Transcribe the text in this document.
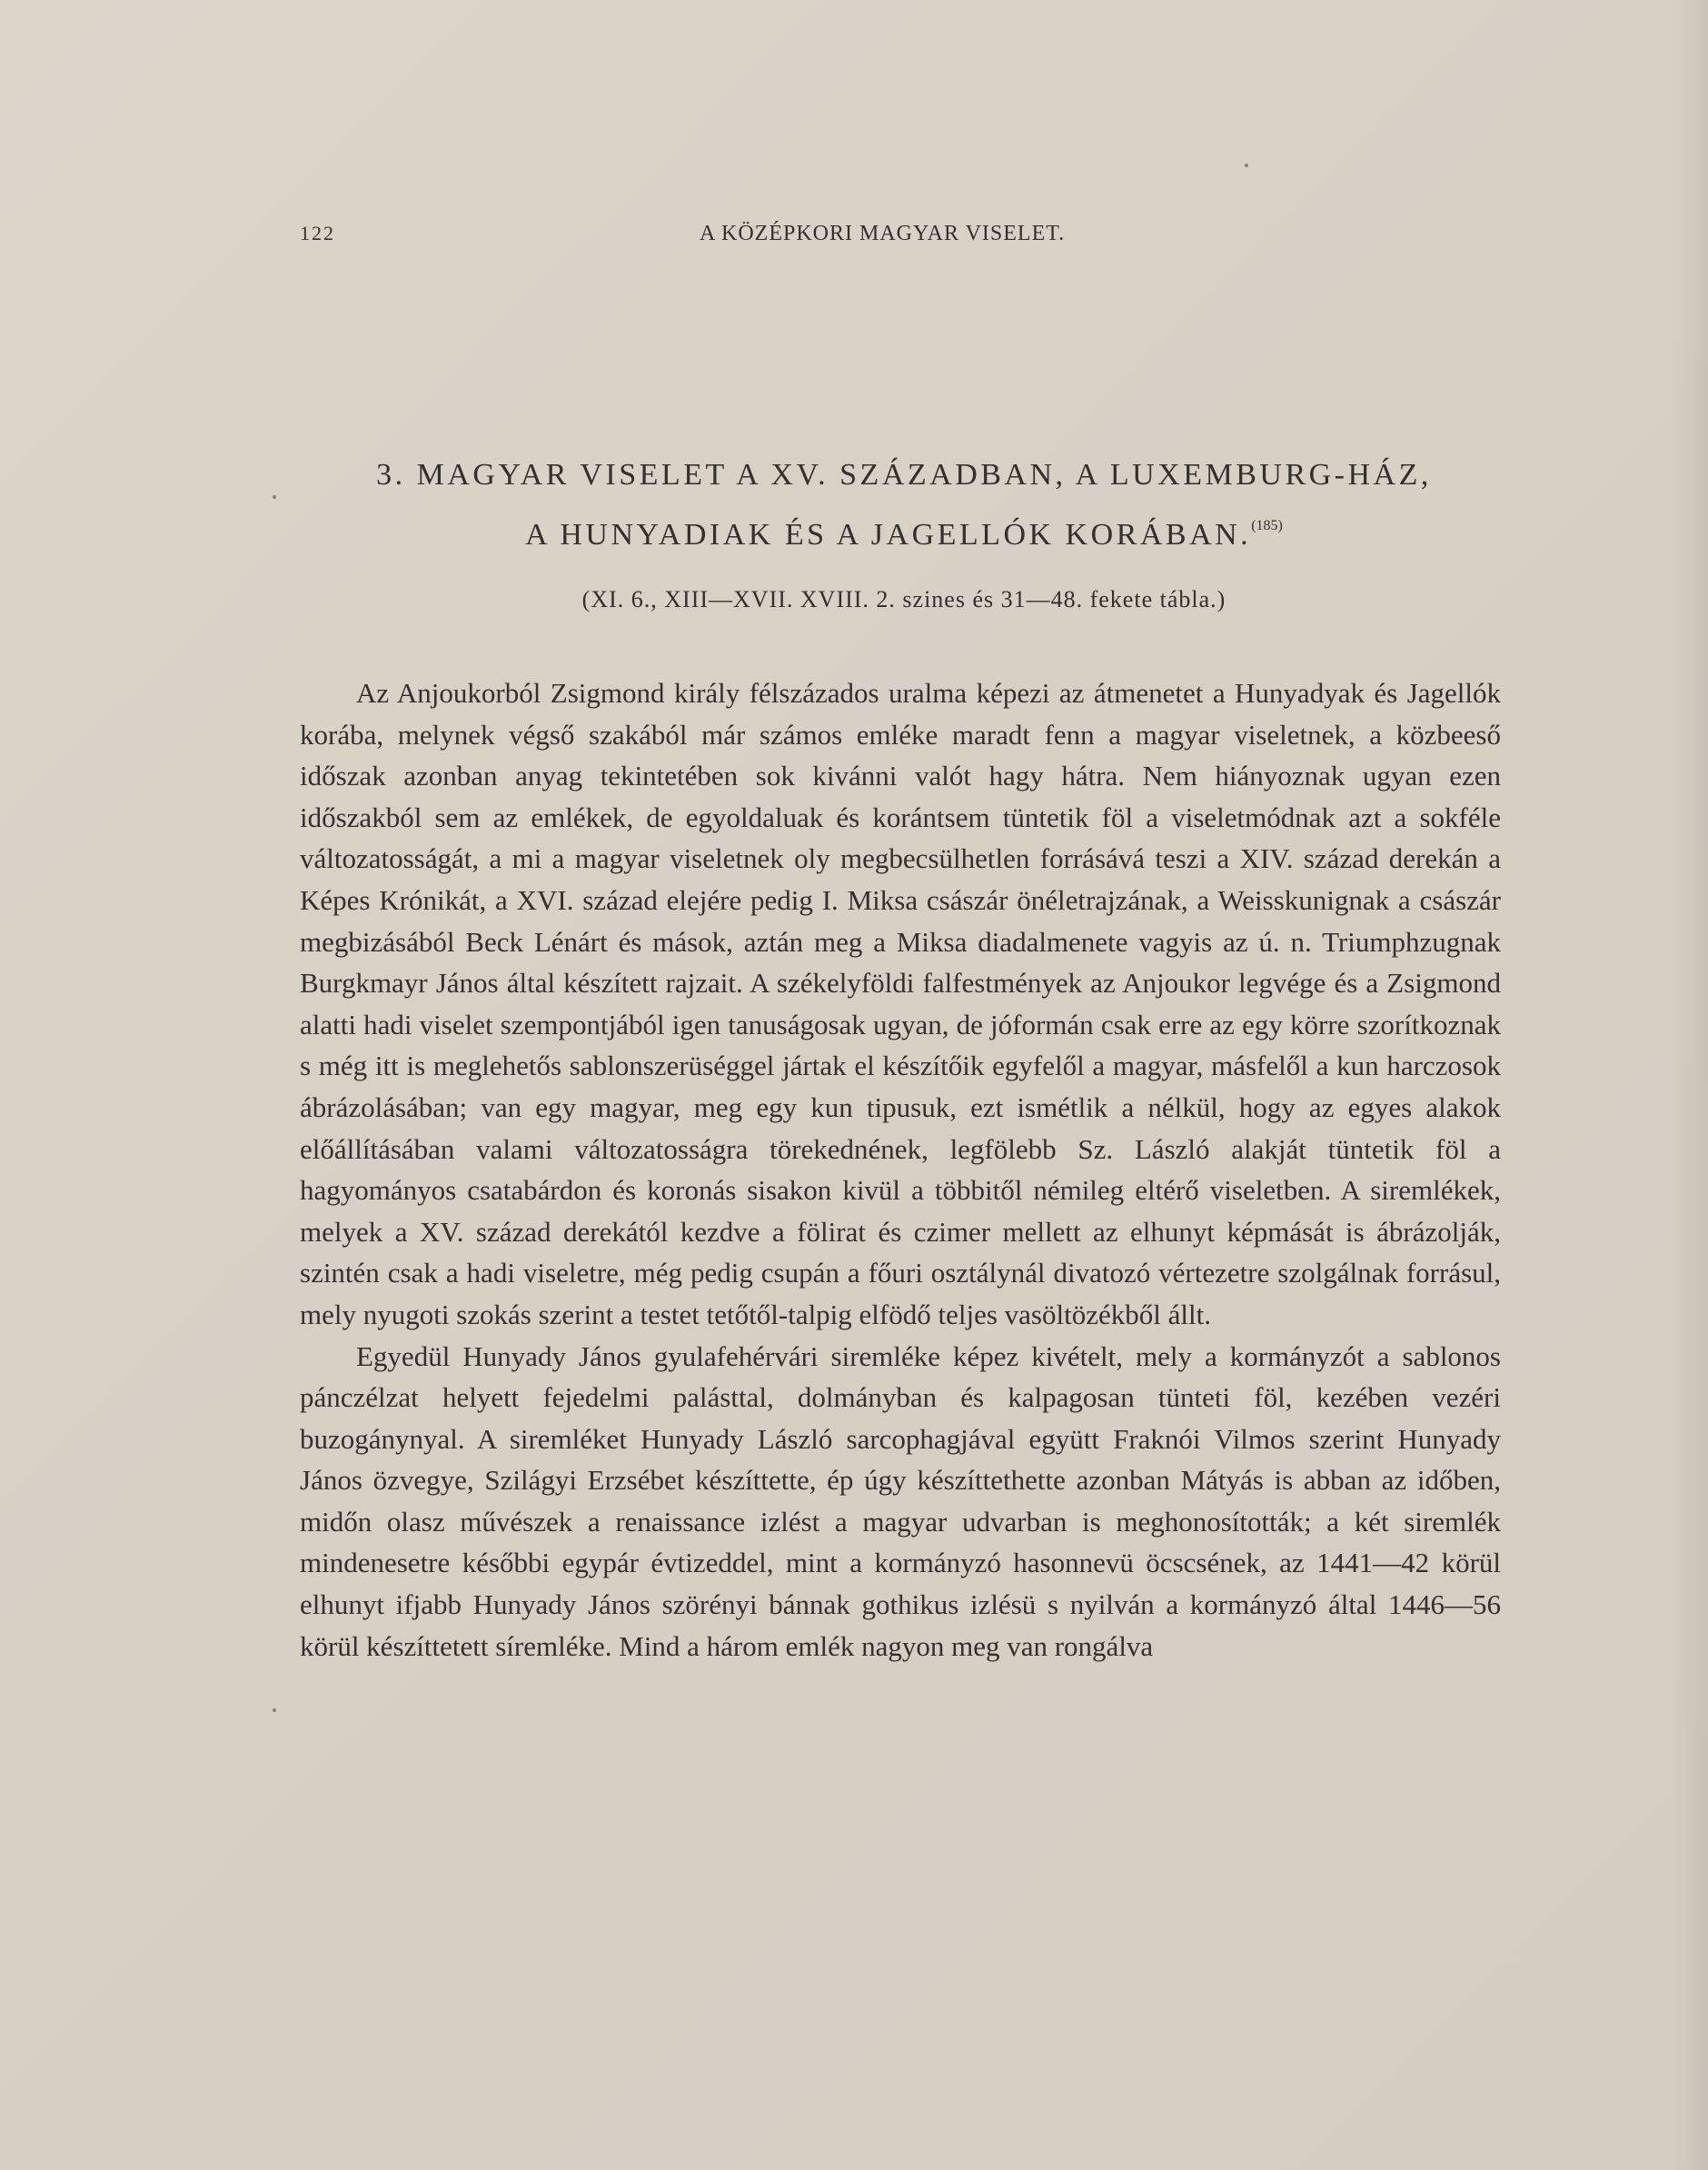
122	A KÖZÉPKORI MAGYAR VISELET.
3. MAGYAR VISELET A XV. SZÁZADBAN, A LUXEMBURG-HÁZ,
A HUNYADIAK ÉS A JAGELLÓK KORÁBAN.$^{(185)}$
(XI. 6., XIII—XVII. XVIII. 2. szines és 31—48. fekete tábla.)

Az Anjoukorból Zsigmond király félszázados uralma képezi az átmenetet a Hunyadyak és Jagellók korába, melynek végső szakából már számos emléke maradt fenn a magyar viseletnek, a közbeeső időszak azonban anyag tekintetében sok kivánni valót hagy hátra. Nem hiányoznak ugyan ezen időszakból sem az emlékek, de egyoldaluak és korántsem tüntetik föl a viseletmódnak azt a sokféle változatosságát, a mi a magyar viseletnek oly megbecsülhetlen forrásává teszi a XIV. század derekán a Képes Krónikát, a XVI. század elejére pedig I. Miksa császár önéletrajzának, a Weisskunignak a császár megbizásából Beck Lénárt és mások, aztán meg a Miksa diadalmenete vagyis az ú. n. Triumphzugnak Burgkmayr János által készített rajzait. A székelyföldi falfestmények az Anjoukor legvége és a Zsigmond alatti hadi viselet szempontjából igen tanuságosak ugyan, de jóformán csak erre az egy körre szorítkoznak s még itt is meglehetős sablonszerüséggel jártak el készítőik egyfelől a magyar, másfelől a kun harczosok ábrázolásában; van egy magyar, meg egy kun tipusuk, ezt ismétlik a nélkül, hogy az egyes alakok előállításában valami változatosságra törekednének, legfölebb Sz. László alakját tüntetik föl a hagyományos csatabárdon és koronás sisakon kivül a többitől némileg eltérő viseletben. A siremlékek, melyek a XV. század derekától kezdve a fölirat és czimer mellett az elhunyt képmását is ábrázolják, szintén csak a hadi viseletre, még pedig csupán a főuri osztálynál divatozó vértezetre szolgálnak forrásul, mely nyugoti szokás szerint a testet tetőtől-talpig elfödő teljes vasöltözékből állt.

Egyedül Hunyady János gyulafehérvári siremléke képez kivételt, mely a kormányzót a sablonos pánczélzat helyett fejedelmi palásttal, dolmányban és kalpagosan tünteti föl, kezében vezéri buzogánynyal. A siremléket Hunyady László sarcophagjával együtt Fraknói Vilmos szerint Hunyady János özvegye, Szilágyi Erzsébet készíttette, ép úgy készíttethette azonban Mátyás is abban az időben, midőn olasz művészek a renaissance izlést a magyar udvarban is meghonosították; a két siremlék mindenesetre későbbi egypár évtizeddel, mint a kormányzó hasonnevü öcscsének, az 1441—42 körül elhunyt ifjabb Hunyady János szörényi bánnak gothikus izlésü s nyilván a kormányzó által 1446—56 körül készíttetett síremléke. Mind a három emlék nagyon meg van rongálva
